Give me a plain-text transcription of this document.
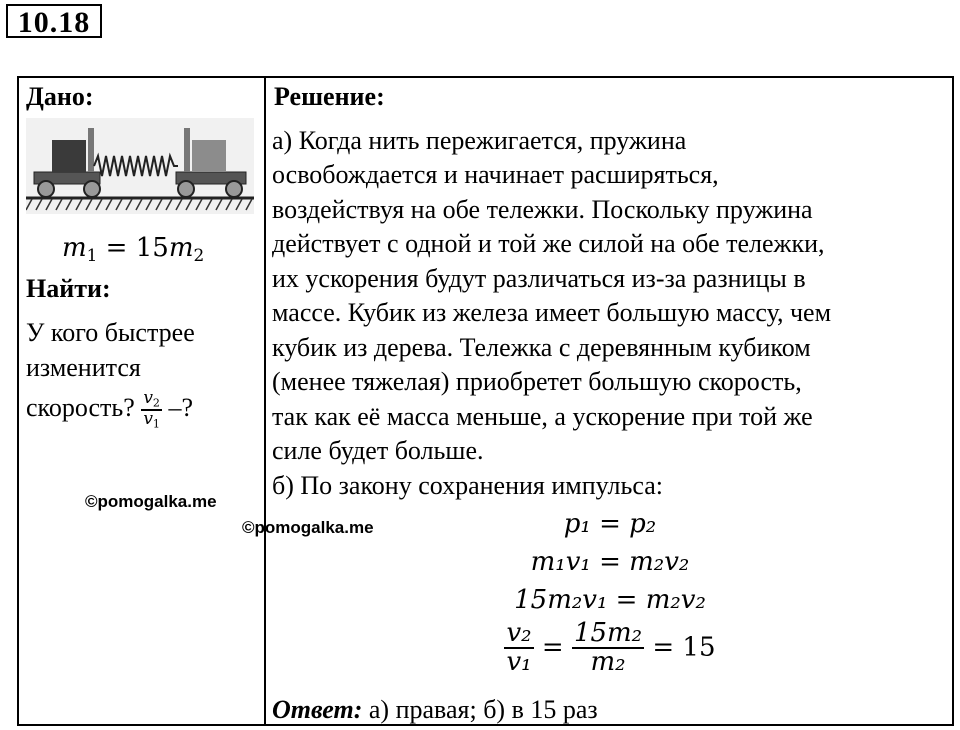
10.18
Дано:
$m_1 = 15m_2$
Найти:
У кого быстрее
изменится
скорость? $\frac{v_2}{v_1}$ –?
©pomogalka.me
©pomogalka.me
Решение:
а) Когда нить пережигается, пружина
освобождается и начинает расширяться,
воздействуя на обе тележки. Поскольку пружина
действует с одной и той же силой на обе тележки,
их ускорения будут различаться из-за разницы в
массе. Кубик из железа имеет большую массу, чем
кубик из дерева. Тележка с деревянным кубиком
(менее тяжелая) приобретет большую скорость,
так как её масса меньше, а ускорение при той же
силе будет больше.
б) По закону сохранения импульса:
p₁ = p₂
m₁v₁ = m₂v₂
15m₂v₁ = m₂v₂
$\frac{\text{v₂}}{\text{v₁}} = \frac{\text{15m₂}}{\text{m₂}} = 15$
Ответ: а) правая; б) в 15 раз
